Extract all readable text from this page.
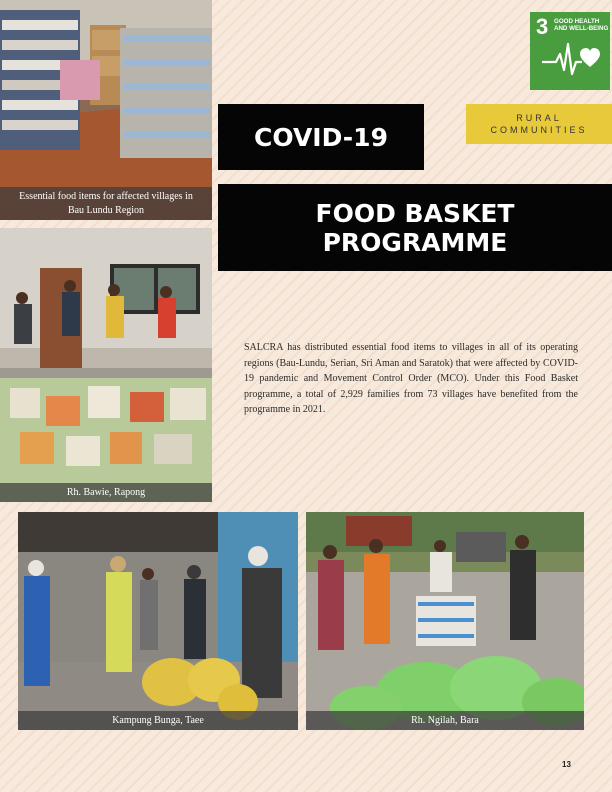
Essential food items for affected villages in
Bau Lundu Region
Rh. Bawie, Rapong
3 GOOD HEALTH
AND WELL-BEING
RURAL
COMMUNITIES
COVID-19
FOOD BASKET
PROGRAMME

SALCRA has distributed essential food items to villages in all of its operating regions (Bau-Lundu, Serian, Sri Aman and Saratok) that were affected by COVID-19 pandemic and Movement Control Order (MCO). Under this Food Basket programme, a total of 2,929 families from 73 villages have benefited from the programme in 2021.

Kampung Bunga, Taee	Rh. Ngilah, Bara
13
